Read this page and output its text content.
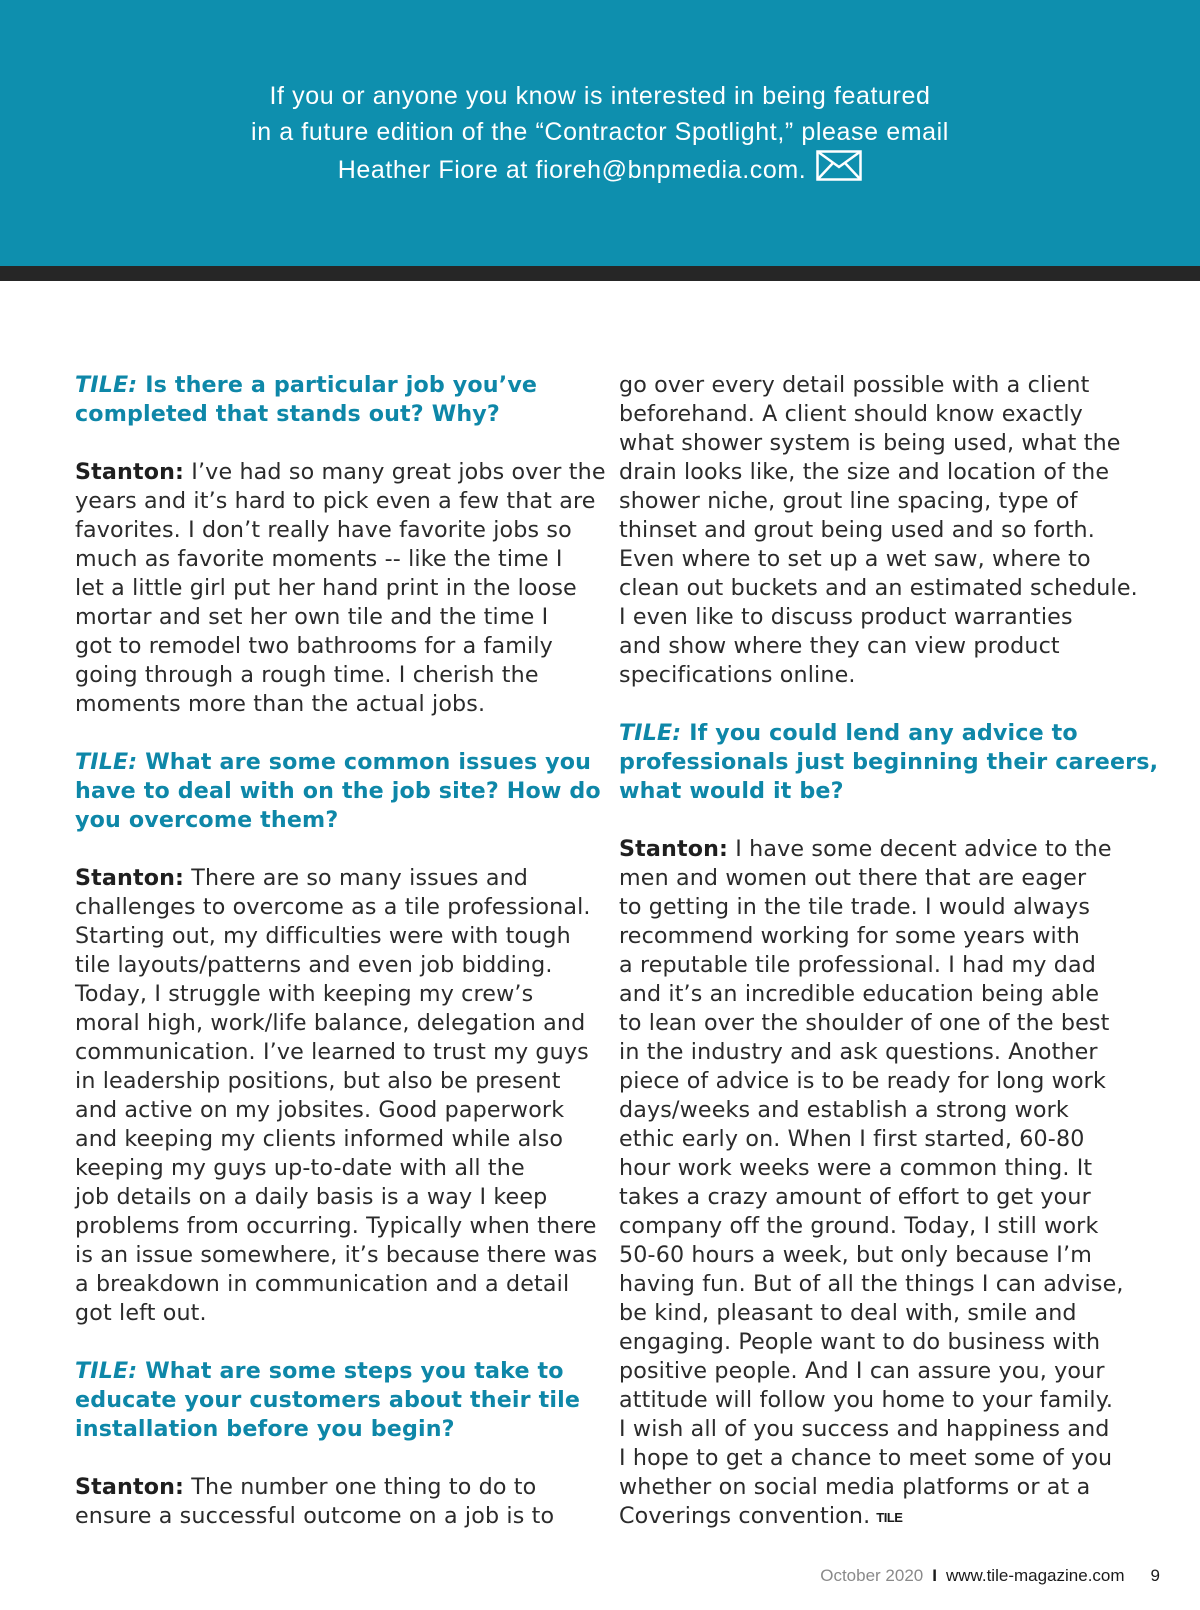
If you or anyone you know is interested in being featured
in a future edition of the “Contractor Spotlight,” please email
Heather Fiore at fioreh@bnpmedia.com.
TILE: Is there a particular job you’ve
completed that stands out? Why?
Stanton: I’ve had so many great jobs over the
years and it’s hard to pick even a few that are
favorites. I don’t really have favorite jobs so
much as favorite moments -- like the time I
let a little girl put her hand print in the loose
mortar and set her own tile and the time I
got to remodel two bathrooms for a family
going through a rough time. I cherish the
moments more than the actual jobs.
TILE: What are some common issues you
have to deal with on the job site? How do
you overcome them?
Stanton: There are so many issues and
challenges to overcome as a tile professional.
Starting out, my difficulties were with tough
tile layouts/patterns and even job bidding.
Today, I struggle with keeping my crew’s
moral high, work/life balance, delegation and
communication. I’ve learned to trust my guys
in leadership positions, but also be present
and active on my jobsites. Good paperwork
and keeping my clients informed while also
keeping my guys up-to-date with all the
job details on a daily basis is a way I keep
problems from occurring. Typically when there
is an issue somewhere, it’s because there was
a breakdown in communication and a detail
got left out.
TILE: What are some steps you take to
educate your customers about their tile
installation before you begin?
Stanton: The number one thing to do to
ensure a successful outcome on a job is to
go over every detail possible with a client
beforehand. A client should know exactly
what shower system is being used, what the
drain looks like, the size and location of the
shower niche, grout line spacing, type of
thinset and grout being used and so forth.
Even where to set up a wet saw, where to
clean out buckets and an estimated schedule.
I even like to discuss product warranties
and show where they can view product
specifications online.
TILE: If you could lend any advice to
professionals just beginning their careers,
what would it be?
Stanton: I have some decent advice to the
men and women out there that are eager
to getting in the tile trade. I would always
recommend working for some years with
a reputable tile professional. I had my dad
and it’s an incredible education being able
to lean over the shoulder of one of the best
in the industry and ask questions. Another
piece of advice is to be ready for long work
days/weeks and establish a strong work
ethic early on. When I first started, 60-80
hour work weeks were a common thing. It
takes a crazy amount of effort to get your
company off the ground. Today, I still work
50-60 hours a week, but only because I’m
having fun. But of all the things I can advise,
be kind, pleasant to deal with, smile and
engaging. People want to do business with
positive people. And I can assure you, your
attitude will follow you home to your family.
I wish all of you success and happiness and
I hope to get a chance to meet some of you
whether on social media platforms or at a
Coverings convention. TILE
October 2020 I www.tile-magazine.com 9
